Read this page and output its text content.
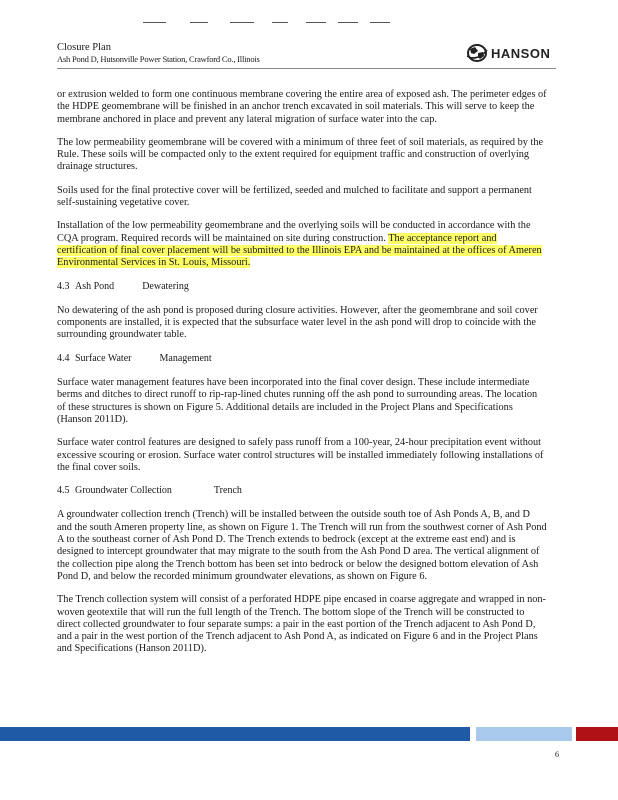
Closure Plan
Ash Pond D, Hutsonville Power Station, Crawford Co., Illinois	HANSON

or extrusion welded to form one continuous membrane covering the entire area of exposed ash. The perimeter edges of the HDPE geomembrane will be finished in an anchor trench excavated in soil materials. This will serve to keep the membrane anchored in place and prevent any lateral migration of surface water into the cap.

The low permeability geomembrane will be covered with a minimum of three feet of soil materials, as required by the Rule. These soils will be compacted only to the extent required for equipment traffic and construction of overlying drainage structures.

Soils used for the final protective cover will be fertilized, seeded and mulched to facilitate and support a permanent self-sustaining vegetative cover.

Installation of the low permeability geomembrane and the overlying soils will be conducted in accordance with the CQA program. Required records will be maintained on site during construction. The acceptance report and certification of final cover placement will be submitted to the Illinois EPA and be maintained at the offices of Ameren Environmental Services in St. Louis, Missouri.

4.3 Ash Pond	Dewatering

No dewatering of the ash pond is proposed during closure activities. However, after the geomembrane and soil cover components are installed, it is expected that the subsurface water level in the ash pond will drop to coincide with the surrounding groundwater table.

4.4 Surface Water	Management

Surface water management features have been incorporated into the final cover design. These include intermediate berms and ditches to direct runoff to rip-rap-lined chutes running off the ash pond to surrounding areas. The location of these structures is shown on Figure 5. Additional details are included in the Project Plans and Specifications (Hanson 2011D).

Surface water control features are designed to safely pass runoff from a 100-year, 24-hour precipitation event without excessive scouring or erosion. Surface water control structures will be installed immediately following installations of the final cover soils.

4.5 Groundwater Collection	Trench

A groundwater collection trench (Trench) will be installed between the outside south toe of Ash Ponds A, B, and D and the south Ameren property line, as shown on Figure 1. The Trench will run from the southwest corner of Ash Pond A to the southeast corner of Ash Pond D. The Trench extends to bedrock (except at the extreme east end) and is designed to intercept groundwater that may migrate to the south from the Ash Pond D area. The vertical alignment of the collection pipe along the Trench bottom has been set into bedrock or below the designed bottom elevation of Ash Pond D, and below the recorded minimum groundwater elevations, as shown on Figure 6.

The Trench collection system will consist of a perforated HDPE pipe encased in coarse aggregate and wrapped in non-woven geotextile that will run the full length of the Trench. The bottom slope of the Trench will be constructed to direct collected groundwater to four separate sumps: a pair in the east portion of the Trench adjacent to Ash Pond D, and a pair in the west portion of the Trench adjacent to Ash Pond A, as indicated on Figure 6 and in the Project Plans and Specifications (Hanson 2011D).

6
